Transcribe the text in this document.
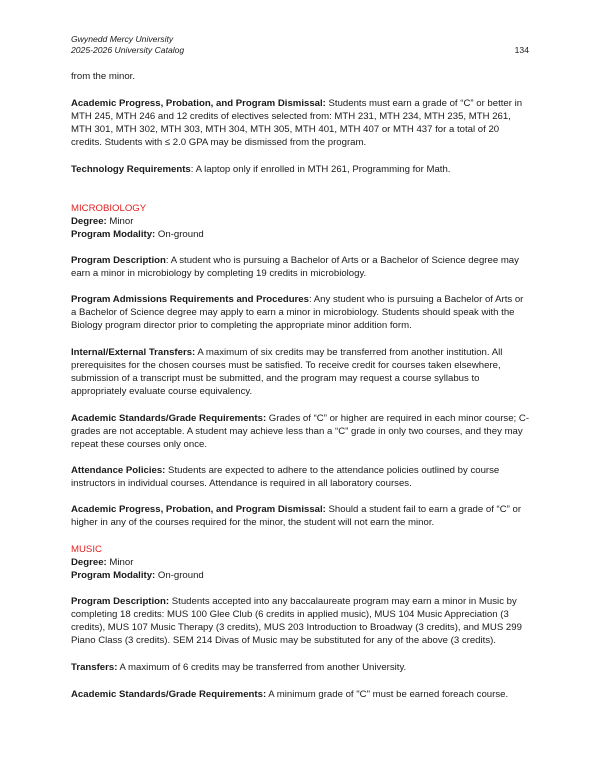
Gwynedd Mercy University
2025-2026 University Catalog	134
from the minor.
Academic Progress, Probation, and Program Dismissal: Students must earn a grade of “C” or better in MTH 245, MTH 246 and 12 credits of electives selected from: MTH 231, MTH 234, MTH 235, MTH 261, MTH 301, MTH 302, MTH 303, MTH 304, MTH 305, MTH 401, MTH 407 or MTH 437 for a total of 20 credits. Students with ≤ 2.0 GPA may be dismissed from the program.
Technology Requirements: A laptop only if enrolled in MTH 261, Programming for Math.
MICROBIOLOGY
Degree: Minor
Program Modality: On-ground
Program Description: A student who is pursuing a Bachelor of Arts or a Bachelor of Science degree may earn a minor in microbiology by completing 19 credits in microbiology.
Program Admissions Requirements and Procedures: Any student who is pursuing a Bachelor of Arts or a Bachelor of Science degree may apply to earn a minor in microbiology. Students should speak with the Biology program director prior to completing the appropriate minor addition form.
Internal/External Transfers: A maximum of six credits may be transferred from another institution. All prerequisites for the chosen courses must be satisfied. To receive credit for courses taken elsewhere, submission of a transcript must be submitted, and the program may request a course syllabus to appropriately evaluate course equivalency.
Academic Standards/Grade Requirements: Grades of “C” or higher are required in each minor course; C- grades are not acceptable. A student may achieve less than a “C” grade in only two courses, and they may repeat these courses only once.
Attendance Policies: Students are expected to adhere to the attendance policies outlined by course instructors in individual courses. Attendance is required in all laboratory courses.
Academic Progress, Probation, and Program Dismissal: Should a student fail to earn a grade of “C” or higher in any of the courses required for the minor, the student will not earn the minor.
MUSIC
Degree: Minor
Program Modality: On-ground
Program Description: Students accepted into any baccalaureate program may earn a minor in Music by completing 18 credits: MUS 100 Glee Club (6 credits in applied music), MUS 104 Music Appreciation (3 credits), MUS 107 Music Therapy (3 credits), MUS 203 Introduction to Broadway (3 credits), and MUS 299 Piano Class (3 credits). SEM 214 Divas of Music may be substituted for any of the above (3 credits).
Transfers: A maximum of 6 credits may be transferred from another University.
Academic Standards/Grade Requirements: A minimum grade of "C" must be earned foreach course.
